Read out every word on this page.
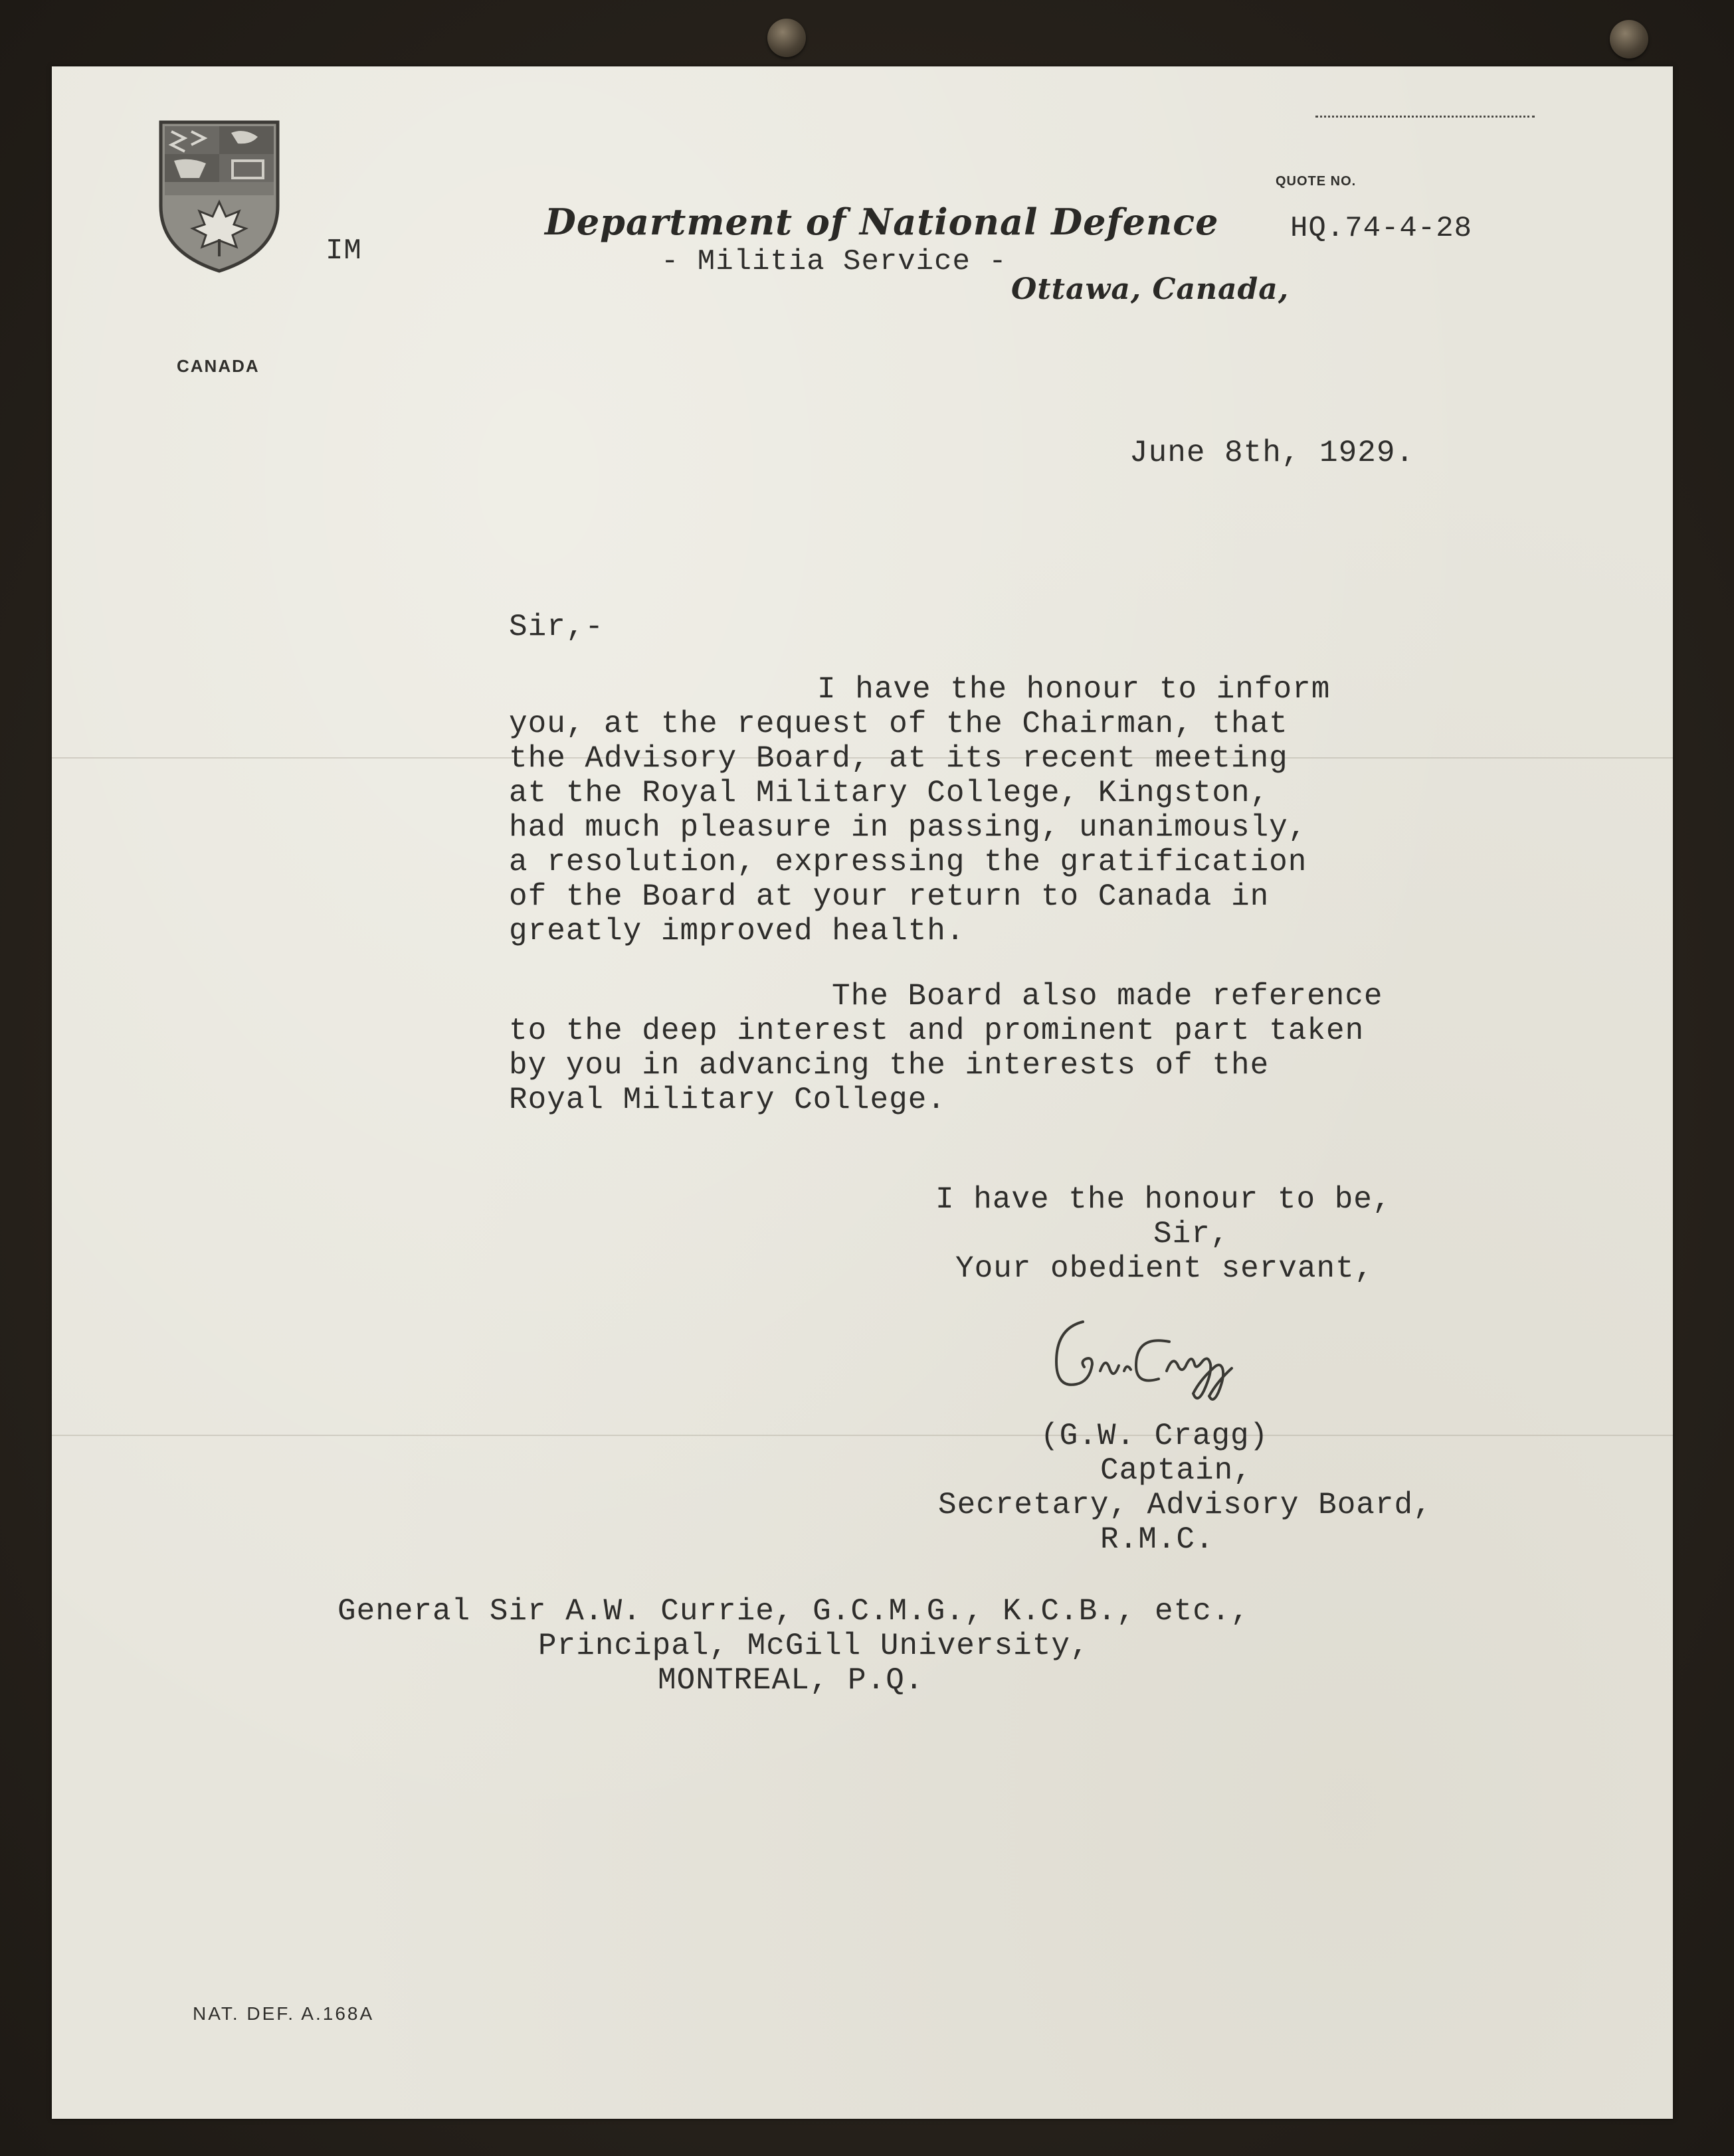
CANADA
IM
Department of National Defence
- Militia Service -
Ottawa, Canada,
QUOTE NO.
HQ.74-4-28
June 8th, 1929.
Sir,-
I have the honour to inform
you, at the request of the Chairman, that
the Advisory Board, at its recent meeting
at the Royal Military College, Kingston,
had much pleasure in passing, unanimously,
a resolution, expressing the gratification
of the Board at your return to Canada in
greatly improved health.
The Board also made reference
to the deep interest and prominent part taken
by you in advancing the interests of the
Royal Military College.
I have the honour to be,
Sir,
Your obedient servant,
(G.W. Cragg)
Captain,
Secretary, Advisory Board,
R.M.C.
General Sir A.W. Currie, G.C.M.G., K.C.B., etc.,
Principal, McGill University,
MONTREAL, P.Q.
NAT. DEF. A.168A
